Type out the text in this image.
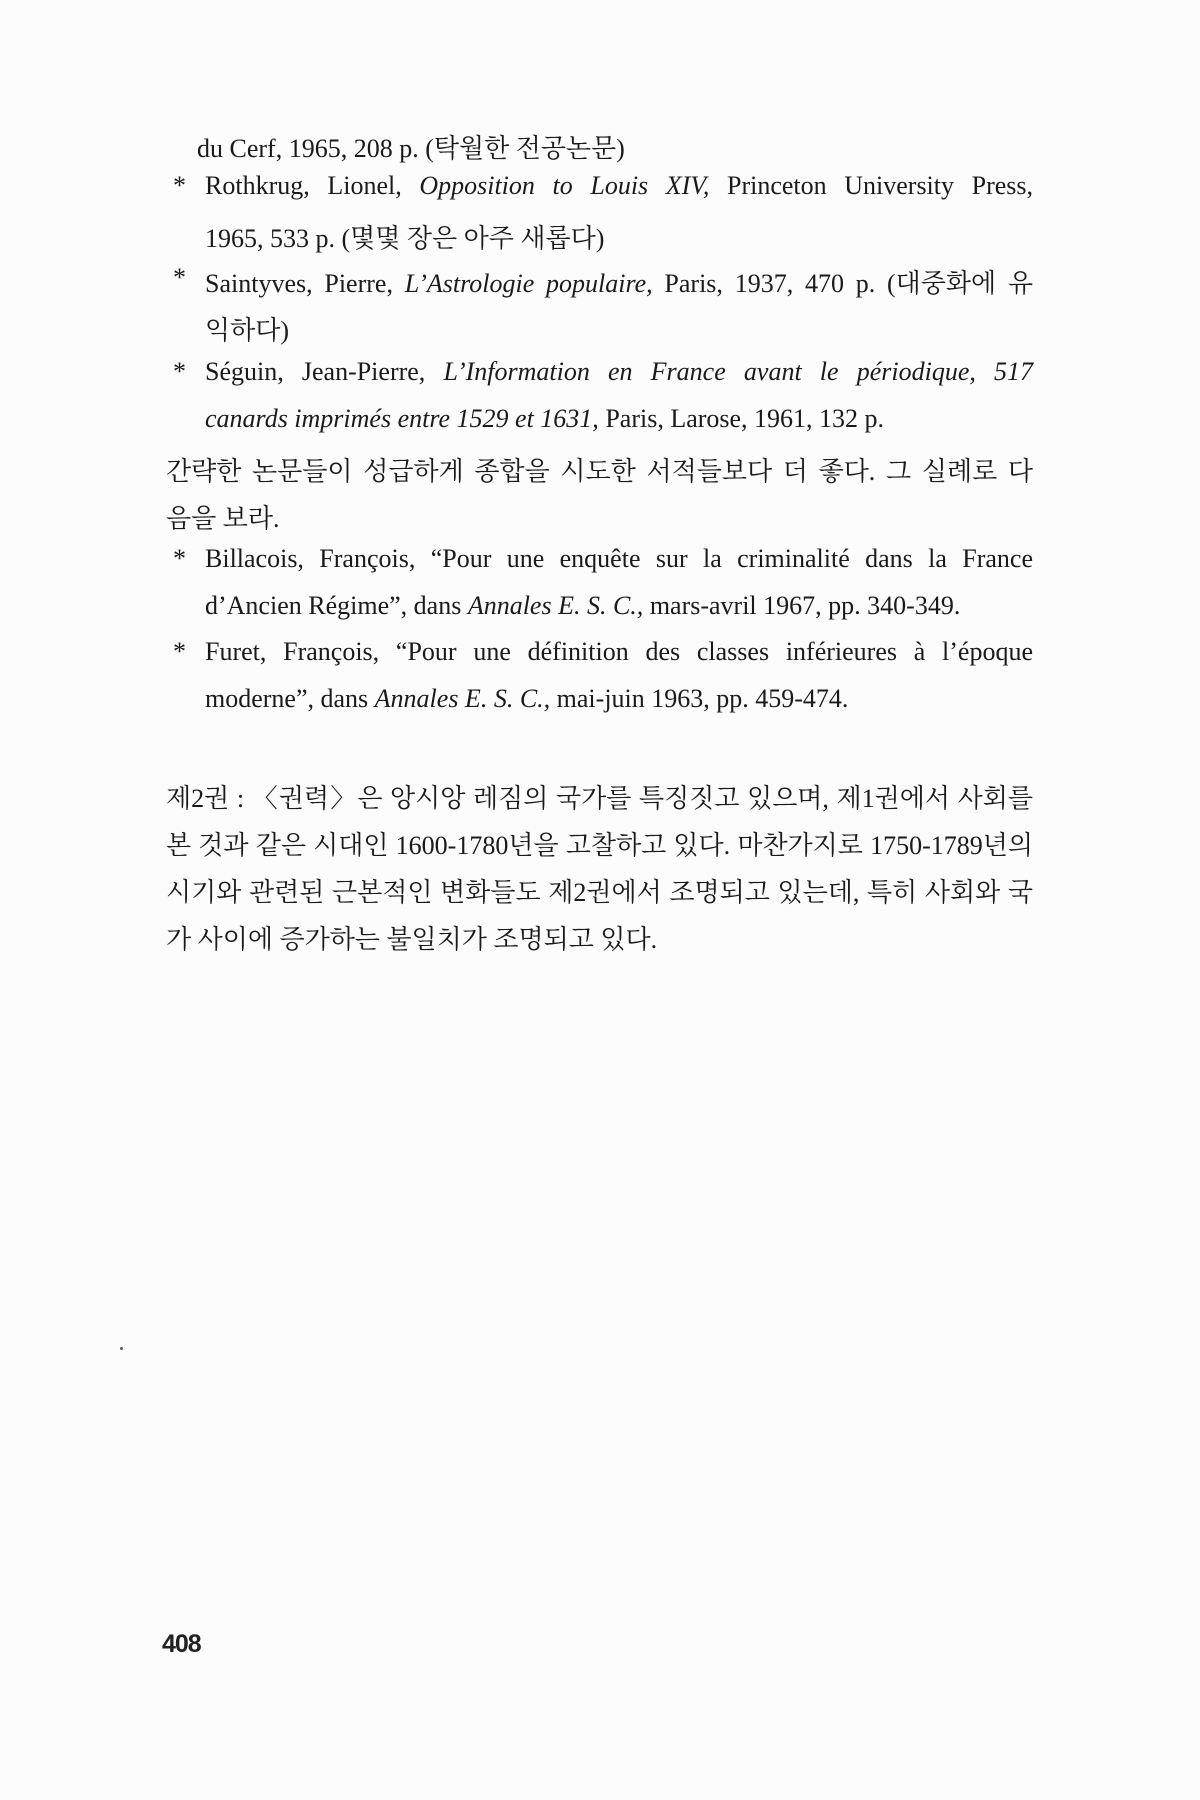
du Cerf, 1965, 208 p. (탁월한 전공논문)
* Rothkrug, Lionel, Opposition to Louis XIV, Princeton University Press,
1965, 533 p. (몇몇 장은 아주 새롭다)
* Saintyves, Pierre, L’Astrologie populaire, Paris, 1937, 470 p. (대중화에 유
익하다)
* Séguin, Jean-Pierre, L’Information en France avant le périodique, 517
canards imprimés entre 1529 et 1631, Paris, Larose, 1961, 132 p.
간략한 논문들이 성급하게 종합을 시도한 서적들보다 더 좋다. 그 실례로 다
음을 보라.
* Billacois, François, “Pour une enquête sur la criminalité dans la France
d’Ancien Régime”, dans Annales E. S. C., mars-avril 1967, pp. 340-349.
* Furet, François, “Pour une définition des classes inférieures à l’époque
moderne”, dans Annales E. S. C., mai-juin 1963, pp. 459-474.
제2권 : 〈권력〉은 앙시앙 레짐의 국가를 특징짓고 있으며, 제1권에서 사회를
본 것과 같은 시대인 1600-1780년을 고찰하고 있다. 마찬가지로 1750-1789년의
시기와 관련된 근본적인 변화들도 제2권에서 조명되고 있는데, 특히 사회와 국
가 사이에 증가하는 불일치가 조명되고 있다.
408
